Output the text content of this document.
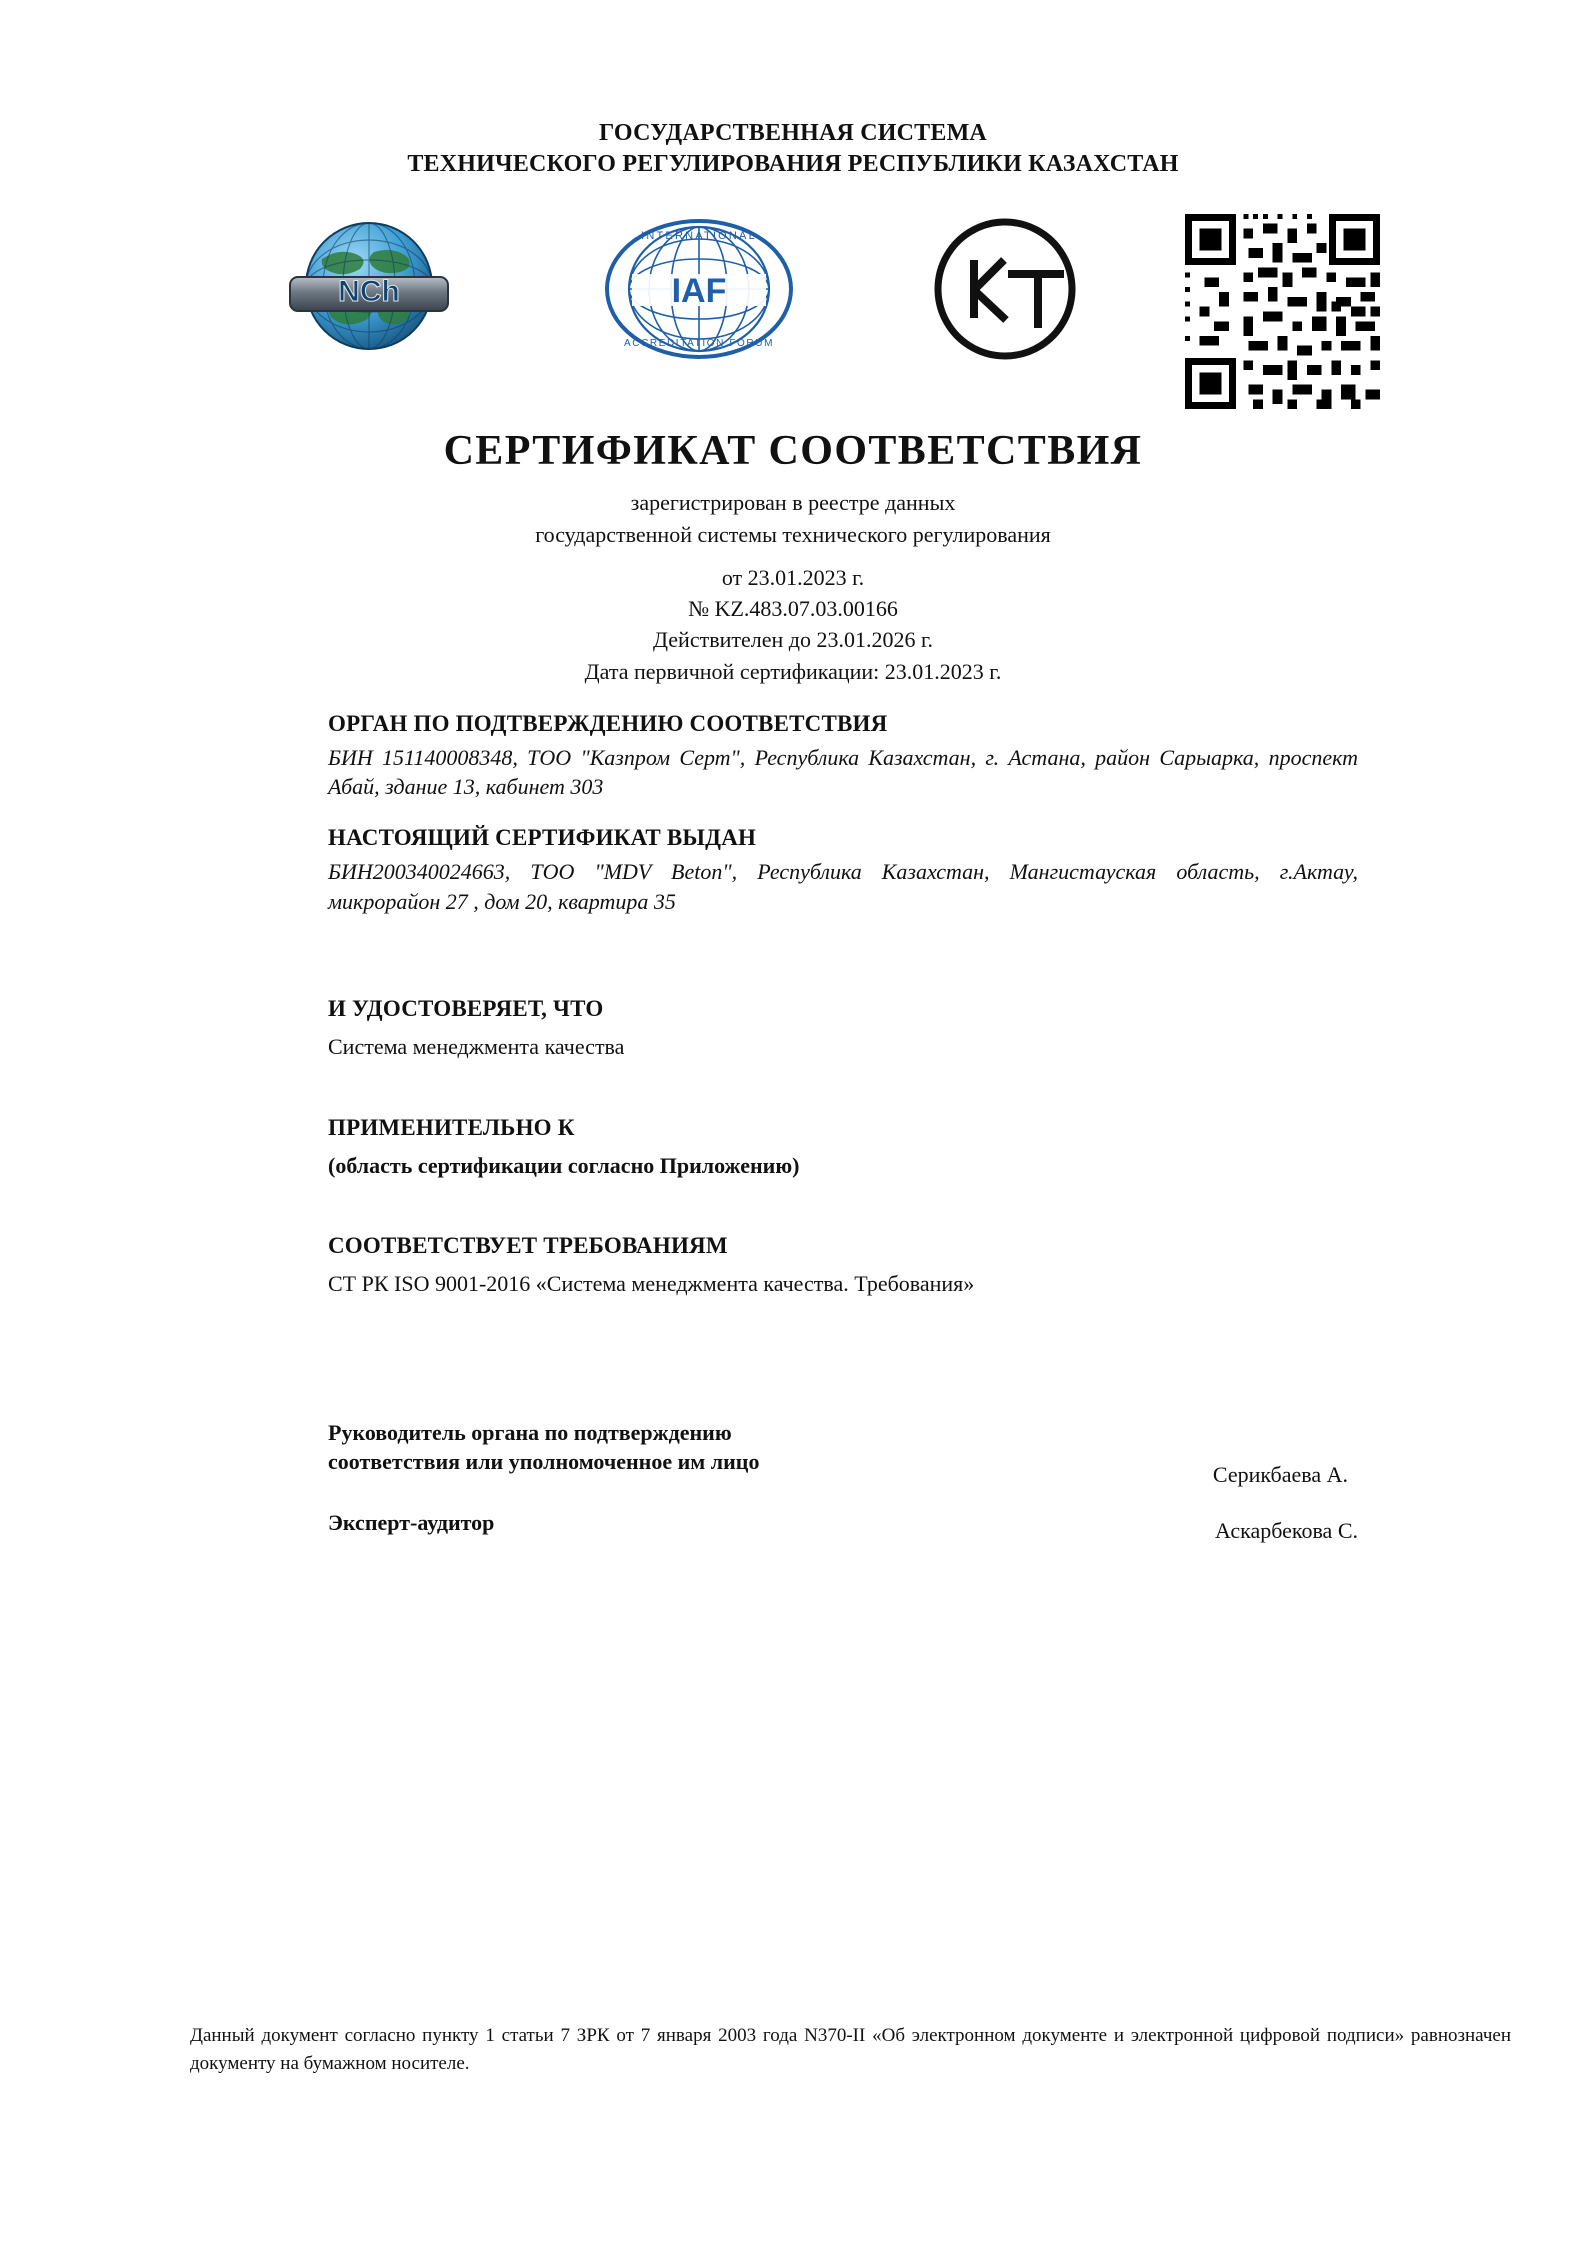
ГОСУДАРСТВЕННАЯ СИСТЕМА
ТЕХНИЧЕСКОГО РЕГУЛИРОВАНИЯ РЕСПУБЛИКИ КАЗАХСТАН
NCh	IAF
INTERNATIONAL
ACCREDITATION FORUM
СЕРТИФИКАТ СООТВЕТСТВИЯ
зарегистрирован в реестре данных
государственной системы технического регулирования
от 23.01.2023 г.
№ KZ.483.07.03.00166
Действителен до 23.01.2026 г.
Дата первичной сертификации: 23.01.2023 г.
ОРГАН ПО ПОДТВЕРЖДЕНИЮ СООТВЕТСТВИЯ
БИН 151140008348, ТОО "Казпром Серт", Республика Казахстан, г. Астана, район Сарыарка, проспект Абай, здание 13, кабинет 303
НАСТОЯЩИЙ СЕРТИФИКАТ ВЫДАН
БИН200340024663, ТОО "MDV Beton", Республика Казахстан, Мангистауская область, г.Актау, микрорайон 27 , дом 20, квартира 35
И УДОСТОВЕРЯЕТ, ЧТО
Система менеджмента качества
ПРИМЕНИТЕЛЬНО К
(область сертификации согласно Приложению)
СООТВЕТСТВУЕТ ТРЕБОВАНИЯМ
СТ РК ISO 9001-2016 «Система менеджмента качества. Требования»
Руководитель органа по подтверждению
соответствия или уполномоченное им лицо
Эксперт-аудитор
Серикбаева А.
Аскарбекова С.
Данный документ согласно пункту 1 статьи 7 ЗРК от 7 января 2003 года N370-II «Об электронном документе и электронной цифровой подписи» равнозначен документу на бумажном носителе.
